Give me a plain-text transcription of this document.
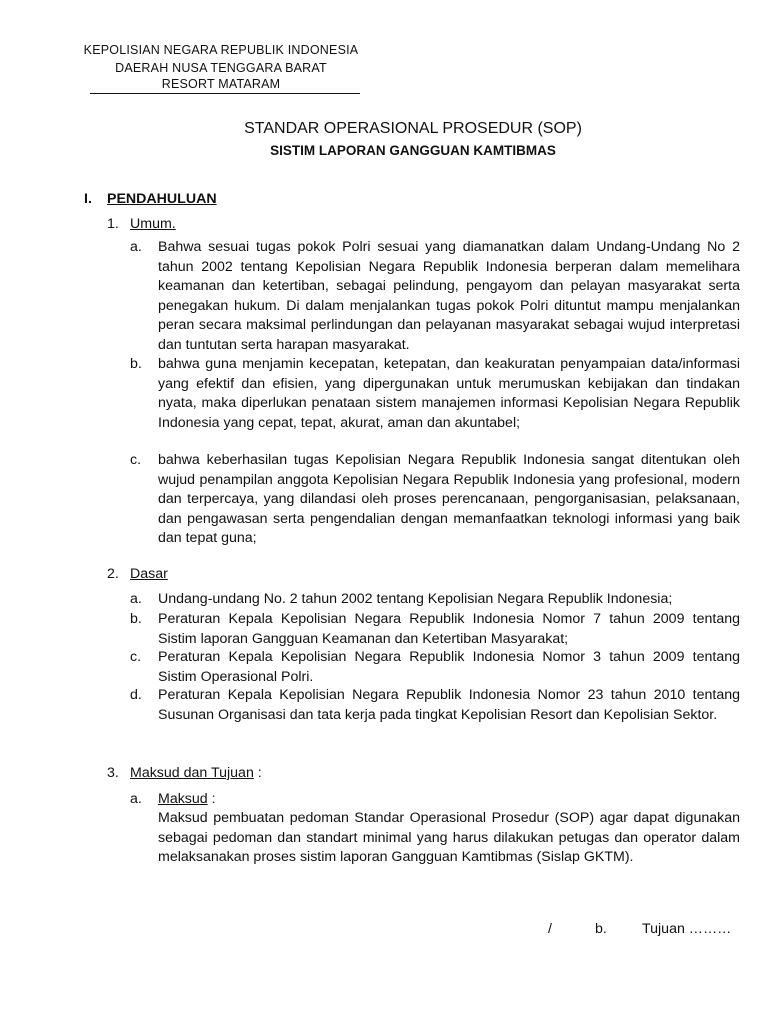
KEPOLISIAN NEGARA REPUBLIK INDONESIA
DAERAH NUSA TENGGARA BARAT
RESORT MATARAM
STANDAR OPERASIONAL PROSEDUR (SOP)
SISTIM LAPORAN GANGGUAN KAMTIBMAS
I. PENDAHULUAN
1. Umum.
a. Bahwa sesuai tugas pokok Polri sesuai yang diamanatkan dalam Undang-Undang No 2 tahun 2002 tentang Kepolisian Negara Republik Indonesia berperan dalam memelihara keamanan dan ketertiban, sebagai pelindung, pengayom dan pelayan masyarakat serta penegakan hukum. Di dalam menjalankan tugas pokok Polri dituntut mampu menjalankan peran secara maksimal perlindungan dan pelayanan masyarakat sebagai wujud interpretasi dan tuntutan serta harapan masyarakat.
b. bahwa guna menjamin kecepatan, ketepatan, dan keakuratan penyampaian data/informasi yang efektif dan efisien, yang dipergunakan untuk merumuskan kebijakan dan tindakan nyata, maka diperlukan penataan sistem manajemen informasi Kepolisian Negara Republik Indonesia yang cepat, tepat, akurat, aman dan akuntabel;
c. bahwa keberhasilan tugas Kepolisian Negara Republik Indonesia sangat ditentukan oleh wujud penampilan anggota Kepolisian Negara Republik Indonesia yang profesional, modern dan terpercaya, yang dilandasi oleh proses perencanaan, pengorganisasian, pelaksanaan, dan pengawasan serta pengendalian dengan memanfaatkan teknologi informasi yang baik dan tepat guna;
2. Dasar
a. Undang-undang No. 2 tahun 2002 tentang Kepolisian Negara Republik Indonesia;
b. Peraturan Kepala Kepolisian Negara Republik Indonesia Nomor 7 tahun 2009 tentang Sistim laporan Gangguan Keamanan dan Ketertiban Masyarakat;
c. Peraturan Kepala Kepolisian Negara Republik Indonesia Nomor 3 tahun 2009 tentang Sistim Operasional Polri.
d. Peraturan Kepala Kepolisian Negara Republik Indonesia Nomor 23 tahun 2010 tentang Susunan Organisasi dan tata kerja pada tingkat Kepolisian Resort dan Kepolisian Sektor.
3. Maksud dan Tujuan :
a. Maksud :
Maksud pembuatan pedoman Standar Operasional Prosedur (SOP) agar dapat digunakan sebagai pedoman dan standart minimal yang harus dilakukan petugas dan operator dalam melaksanakan proses sistim laporan Gangguan Kamtibmas (Sislap GKTM).
/	b. Tujuan ………
